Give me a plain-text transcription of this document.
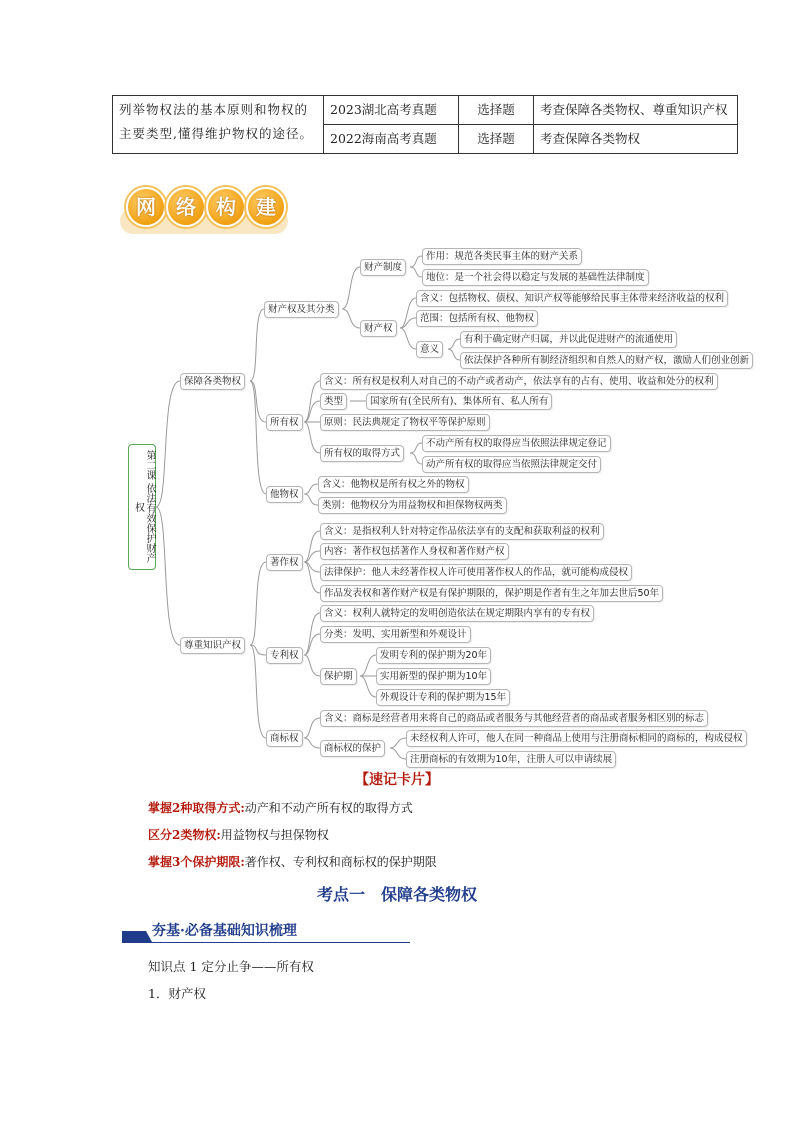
列举物权法的基本原则和物权的主要类型,懂得维护物权的途径。	2023湖北高考真题	选择题	考查保障各类物权、尊重知识产权
	2022海南高考真题	选择题	考查保障各类物权
网	络	构	建
第二课 依法有效保护财产权
保障各类物权
尊重知识产权
财产权及其分类
所有权
他物权
著作权
专利权
商标权
财产制度
作用：规范各类民事主体的财产关系
地位：是一个社会得以稳定与发展的基础性法律制度
财产权
含义：包括物权、债权、知识产权等能够给民事主体带来经济收益的权利
范围：包括所有权、他物权
意义
有利于确定财产归属，并以此促进财产的流通使用
依法保护各种所有制经济组织和自然人的财产权，激励人们创业创新
含义：所有权是权利人对自己的不动产或者动产，依法享有的占有、使用、收益和处分的权利
类型	国家所有(全民所有)、集体所有、私人所有
原则：民法典规定了物权平等保护原则
所有权的取得方式
不动产所有权的取得应当依照法律规定登记
动产所有权的取得应当依照法律规定交付
含义：他物权是所有权之外的物权
类别：他物权分为用益物权和担保物权两类
含义：是指权利人针对特定作品依法享有的支配和获取利益的权利
内容：著作权包括著作人身权和著作财产权
法律保护：他人未经著作权人许可使用著作权人的作品，就可能构成侵权
作品发表权和著作财产权是有保护期限的，保护期是作者有生之年加去世后50年
含义：权利人就特定的发明创造依法在规定期限内享有的专有权
分类：发明、实用新型和外观设计
保护期
发明专利的保护期为20年
实用新型的保护期为10年
外观设计专利的保护期为15年
含义：商标是经营者用来将自己的商品或者服务与其他经营者的商品或者服务相区别的标志
商标权的保护
未经权利人许可，他人在同一种商品上使用与注册商标相同的商标的，构成侵权
注册商标的有效期为10年，注册人可以申请续展
【速记卡片】
掌握2种取得方式:动产和不动产所有权的取得方式
区分2类物权:用益物权与担保物权
掌握3个保护期限:著作权、专利权和商标权的保护期限
考点一　保障各类物权
夯基·必备基础知识梳理
知识点 1 定分止争——所有权
1．财产权
